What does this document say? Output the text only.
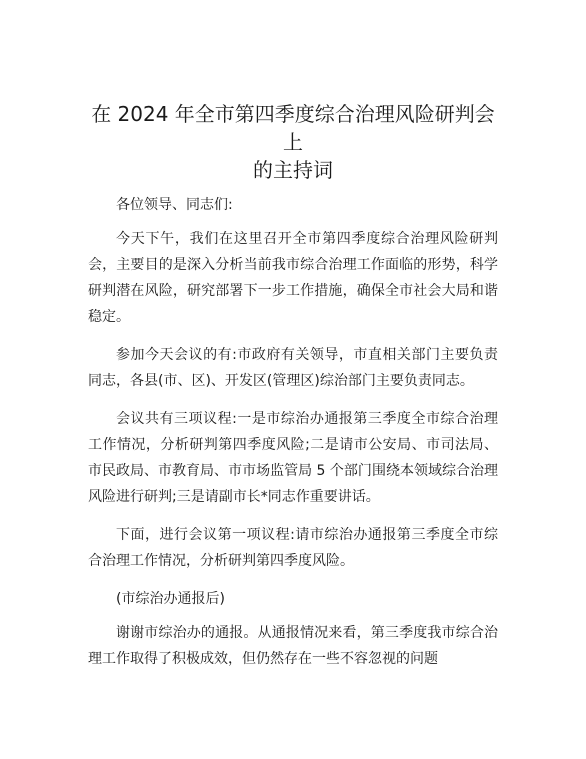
在 2024 年全市第四季度综合治理风险研判会上
的主持词

各位领导、同志们:

今天下午，我们在这里召开全市第四季度综合治理风险研判会，主要目的是深入分析当前我市综合治理工作面临的形势，科学研判潜在风险，研究部署下一步工作措施，确保全市社会大局和谐稳定。

参加今天会议的有:市政府有关领导，市直相关部门主要负责同志，各县(市、区)、开发区(管理区)综治部门主要负责同志。

会议共有三项议程:一是市综治办通报第三季度全市综合治理工作情况，分析研判第四季度风险;二是请市公安局、市司法局、市民政局、市教育局、市市场监管局 5 个部门围绕本领域综合治理风险进行研判;三是请副市长*同志作重要讲话。

下面，进行会议第一项议程:请市综治办通报第三季度全市综合治理工作情况，分析研判第四季度风险。

(市综治办通报后)

谢谢市综治办的通报。从通报情况来看，第三季度我市综合治理工作取得了积极成效，但仍然存在一些不容忽视的问题
